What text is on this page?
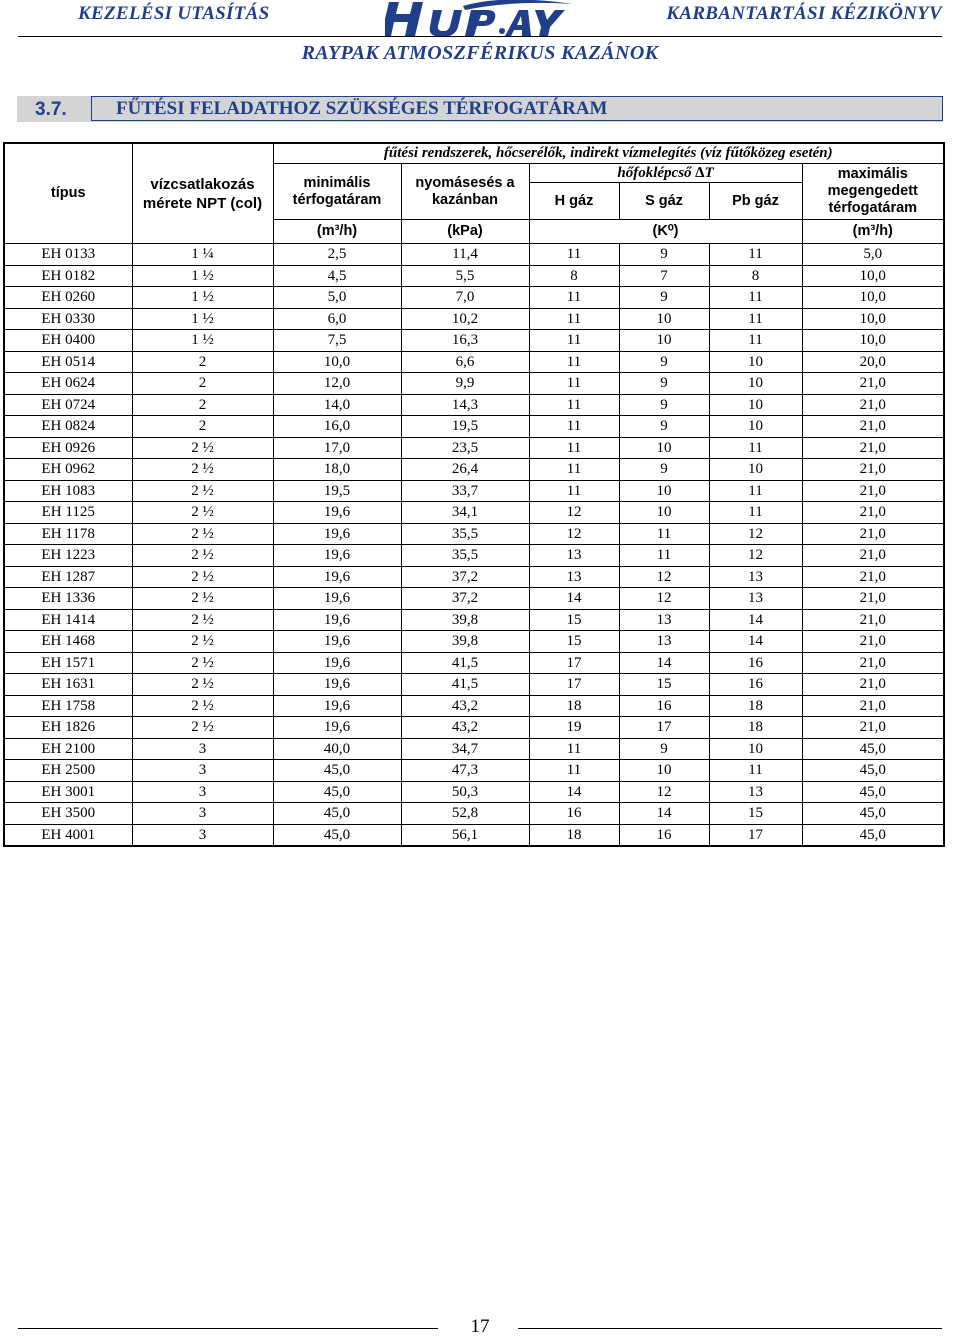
KEZELÉSI UTASÍTÁS	KARBANTARTÁSI KÉZIKÖNYV
RAYPAK ATMOSZFÉRIKUS KAZÁNOK
3.7.	FŰTÉSI FELADATHOZ SZÜKSÉGES TÉRFOGATÁRAM
típus	vízcsatlakozás mérete NPT (col)	fűtési rendszerek, hőcserélők, indirekt vízmelegítés (víz fűtőközeg esetén)					
		minimális térfogatáram	nyomásesés a kazánban	hőfoklépcső ∆T			maximális megengedett térfogatáram
				H gáz	S gáz	Pb gáz	
		(m³/h)	(kPa)	(K⁰)			(m³/h)
EH 0133	1 ¼	2,5	11,4	11	9	11	5,0
EH 0182	1 ½	4,5	5,5	8	7	8	10,0
EH 0260	1 ½	5,0	7,0	11	9	11	10,0
EH 0330	1 ½	6,0	10,2	11	10	11	10,0
EH 0400	1 ½	7,5	16,3	11	10	11	10,0
EH 0514	2	10,0	6,6	11	9	10	20,0
EH 0624	2	12,0	9,9	11	9	10	21,0
EH 0724	2	14,0	14,3	11	9	10	21,0
EH 0824	2	16,0	19,5	11	9	10	21,0
EH 0926	2 ½	17,0	23,5	11	10	11	21,0
EH 0962	2 ½	18,0	26,4	11	9	10	21,0
EH 1083	2 ½	19,5	33,7	11	10	11	21,0
EH 1125	2 ½	19,6	34,1	12	10	11	21,0
EH 1178	2 ½	19,6	35,5	12	11	12	21,0
EH 1223	2 ½	19,6	35,5	13	11	12	21,0
EH 1287	2 ½	19,6	37,2	13	12	13	21,0
EH 1336	2 ½	19,6	37,2	14	12	13	21,0
EH 1414	2 ½	19,6	39,8	15	13	14	21,0
EH 1468	2 ½	19,6	39,8	15	13	14	21,0
EH 1571	2 ½	19,6	41,5	17	14	16	21,0
EH 1631	2 ½	19,6	41,5	17	15	16	21,0
EH 1758	2 ½	19,6	43,2	18	16	18	21,0
EH 1826	2 ½	19,6	43,2	19	17	18	21,0
EH 2100	3	40,0	34,7	11	9	10	45,0
EH 2500	3	45,0	47,3	11	10	11	45,0
EH 3001	3	45,0	50,3	14	12	13	45,0
EH 3500	3	45,0	52,8	16	14	15	45,0
EH 4001	3	45,0	56,1	18	16	17	45,0
17
